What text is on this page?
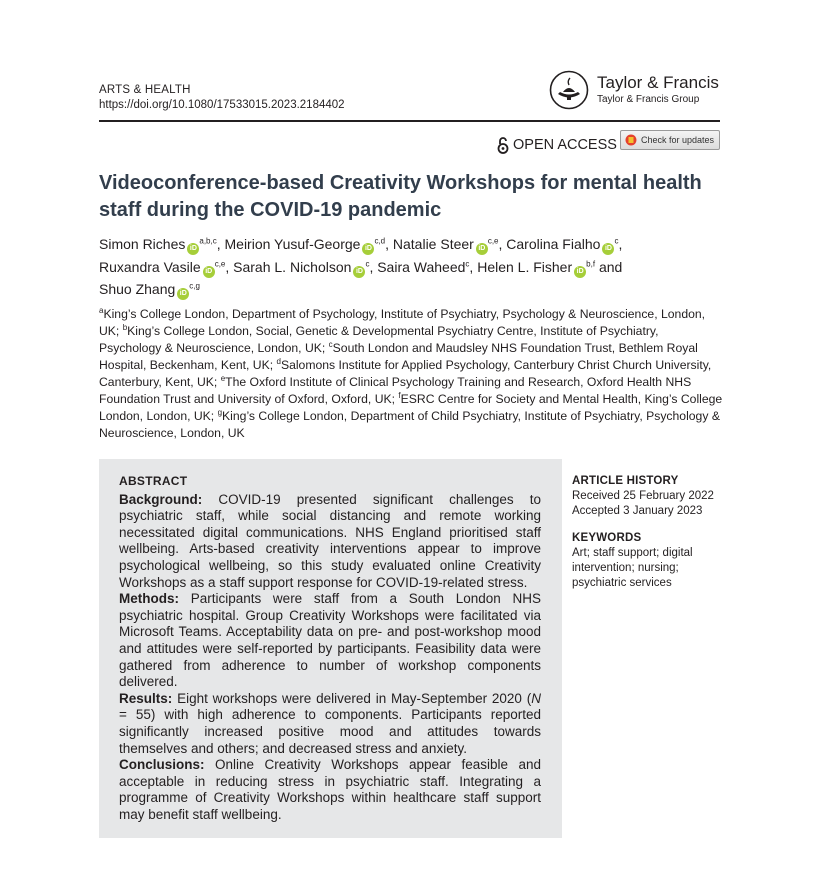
ARTS & HEALTH
https://doi.org/10.1080/17533015.2023.2184402
Taylor & Francis
Taylor & Francis Group
OPEN ACCESS	Check for updates
Videoconference-based Creativity Workshops for mental health staff during the COVID-19 pandemic
Simon Riches iD$^{a,b,c}$, Meirion Yusuf-George iD$^{c,d}$, Natalie Steer iD$^{c,e}$, Carolina Fialho $iD^c$, Ruxandra Vasile iD$^{c,e}$, Sarah L. Nicholson $iD^c$, Saira Waheed$^c$, Helen L. Fisher iD$^{b,f}$ and Shuo Zhang iD$^{c,g}$
$^a$King’s College London, Department of Psychology, Institute of Psychiatry, Psychology & Neuroscience, London, UK; $^b$King’s College London, Social, Genetic & Developmental Psychiatry Centre, Institute of Psychiatry, Psychology & Neuroscience, London, UK; $^c$South London and Maudsley NHS Foundation Trust, Bethlem Royal Hospital, Beckenham, Kent, UK; $^d$Salomons Institute for Applied Psychology, Canterbury Christ Church University, Canterbury, Kent, UK; $^e$The Oxford Institute of Clinical Psychology Training and Research, Oxford Health NHS Foundation Trust and University of Oxford, Oxford, UK; $^f$ESRC Centre for Society and Mental Health, King’s College London, London, UK; $^g$King’s College London, Department of Child Psychiatry, Institute of Psychiatry, Psychology & Neuroscience, London, UK
ABSTRACT

Background: COVID-19 presented significant challenges to psychiatric staff, while social distancing and remote working necessitated digital communications. NHS England prioritised staff wellbeing. Arts-based creativity interventions appear to improve psychological wellbeing, so this study evaluated online Creativity Workshops as a staff support response for COVID-19-related stress.

Methods: Participants were staff from a South London NHS psychiatric hospital. Group Creativity Workshops were facilitated via Microsoft Teams. Acceptability data on pre- and post-workshop mood and attitudes were self-reported by participants. Feasibility data were gathered from adherence to number of workshop components delivered.

Results: Eight workshops were delivered in May-September 2020 (N = 55) with high adherence to components. Participants reported significantly increased positive mood and attitudes towards themselves and others; and decreased stress and anxiety.

Conclusions: Online Creativity Workshops appear feasible and acceptable in reducing stress in psychiatric staff. Integrating a programme of Creativity Workshops within healthcare staff support may benefit staff wellbeing.

ARTICLE HISTORY
Received 25 February 2022
Accepted 3 January 2023
KEYWORDS
Art; staff support; digital intervention; nursing; psychiatric services
